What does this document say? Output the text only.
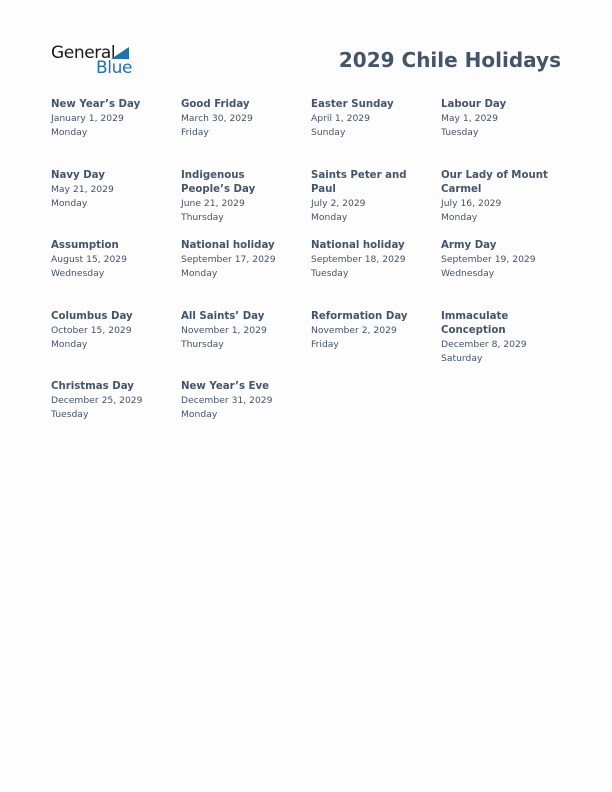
General
Blue	2029 Chile Holidays
New Year’s Day
January 1, 2029
Monday
Good Friday
March 30, 2029
Friday
Easter Sunday
April 1, 2029
Sunday
Labour Day
May 1, 2029
Tuesday
Navy Day
May 21, 2029
Monday
Indigenous People’s Day
June 21, 2029
Thursday
Saints Peter and Paul
July 2, 2029
Monday
Our Lady of Mount Carmel
July 16, 2029
Monday
Assumption
August 15, 2029
Wednesday
National holiday
September 17, 2029
Monday
National holiday
September 18, 2029
Tuesday
Army Day
September 19, 2029
Wednesday
Columbus Day
October 15, 2029
Monday
All Saints’ Day
November 1, 2029
Thursday
Reformation Day
November 2, 2029
Friday
Immaculate Conception
December 8, 2029
Saturday
Christmas Day
December 25, 2029
Tuesday
New Year’s Eve
December 31, 2029
Monday
